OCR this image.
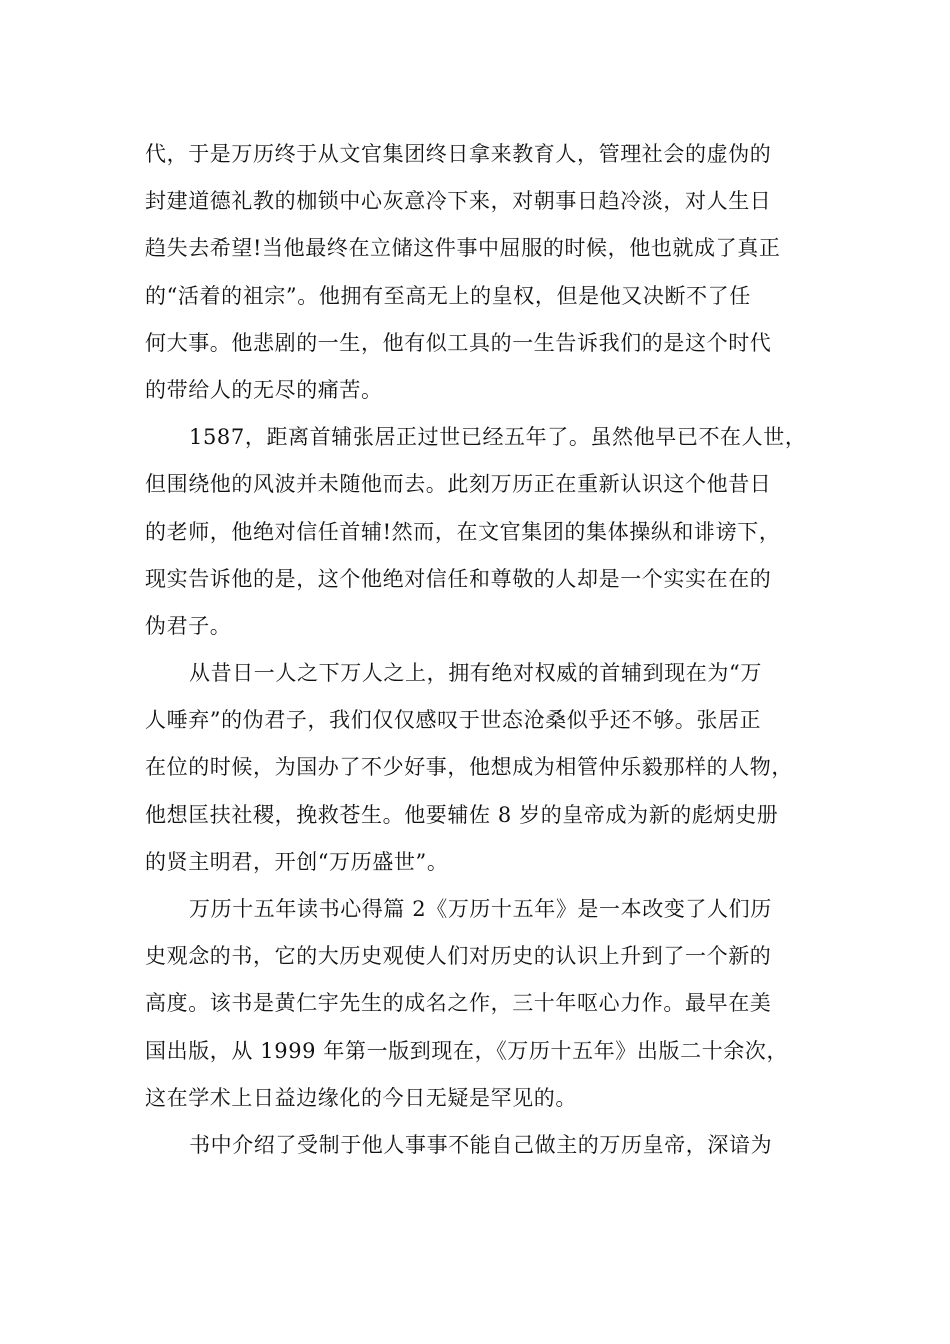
代，于是万历终于从文官集团终日拿来教育人，管理社会的虚伪的
封建道德礼教的枷锁中心灰意冷下来，对朝事日趋冷淡，对人生日
趋失去希望!当他最终在立储这件事中屈服的时候，他也就成了真正
的“活着的祖宗”。他拥有至高无上的皇权，但是他又决断不了任
何大事。他悲剧的一生，他有似工具的一生告诉我们的是这个时代
的带给人的无尽的痛苦。
1587，距离首辅张居正过世已经五年了。虽然他早已不在人世，
但围绕他的风波并未随他而去。此刻万历正在重新认识这个他昔日
的老师，他绝对信任首辅!然而，在文官集团的集体操纵和诽谤下，
现实告诉他的是，这个他绝对信任和尊敬的人却是一个实实在在的
伪君子。
从昔日一人之下万人之上，拥有绝对权威的首辅到现在为“万
人唾弃”的伪君子，我们仅仅感叹于世态沧桑似乎还不够。张居正
在位的时候，为国办了不少好事，他想成为相管仲乐毅那样的人物，
他想匡扶社稷，挽救苍生。他要辅佐 8 岁的皇帝成为新的彪炳史册
的贤主明君，开创“万历盛世”。
万历十五年读书心得篇 2《万历十五年》是一本改变了人们历
史观念的书，它的大历史观使人们对历史的认识上升到了一个新的
高度。该书是黄仁宇先生的成名之作，三十年呕心力作。最早在美
国出版，从 1999 年第一版到现在，《万历十五年》出版二十余次，
这在学术上日益边缘化的今日无疑是罕见的。
书中介绍了受制于他人事事不能自己做主的万历皇帝，深谙为
